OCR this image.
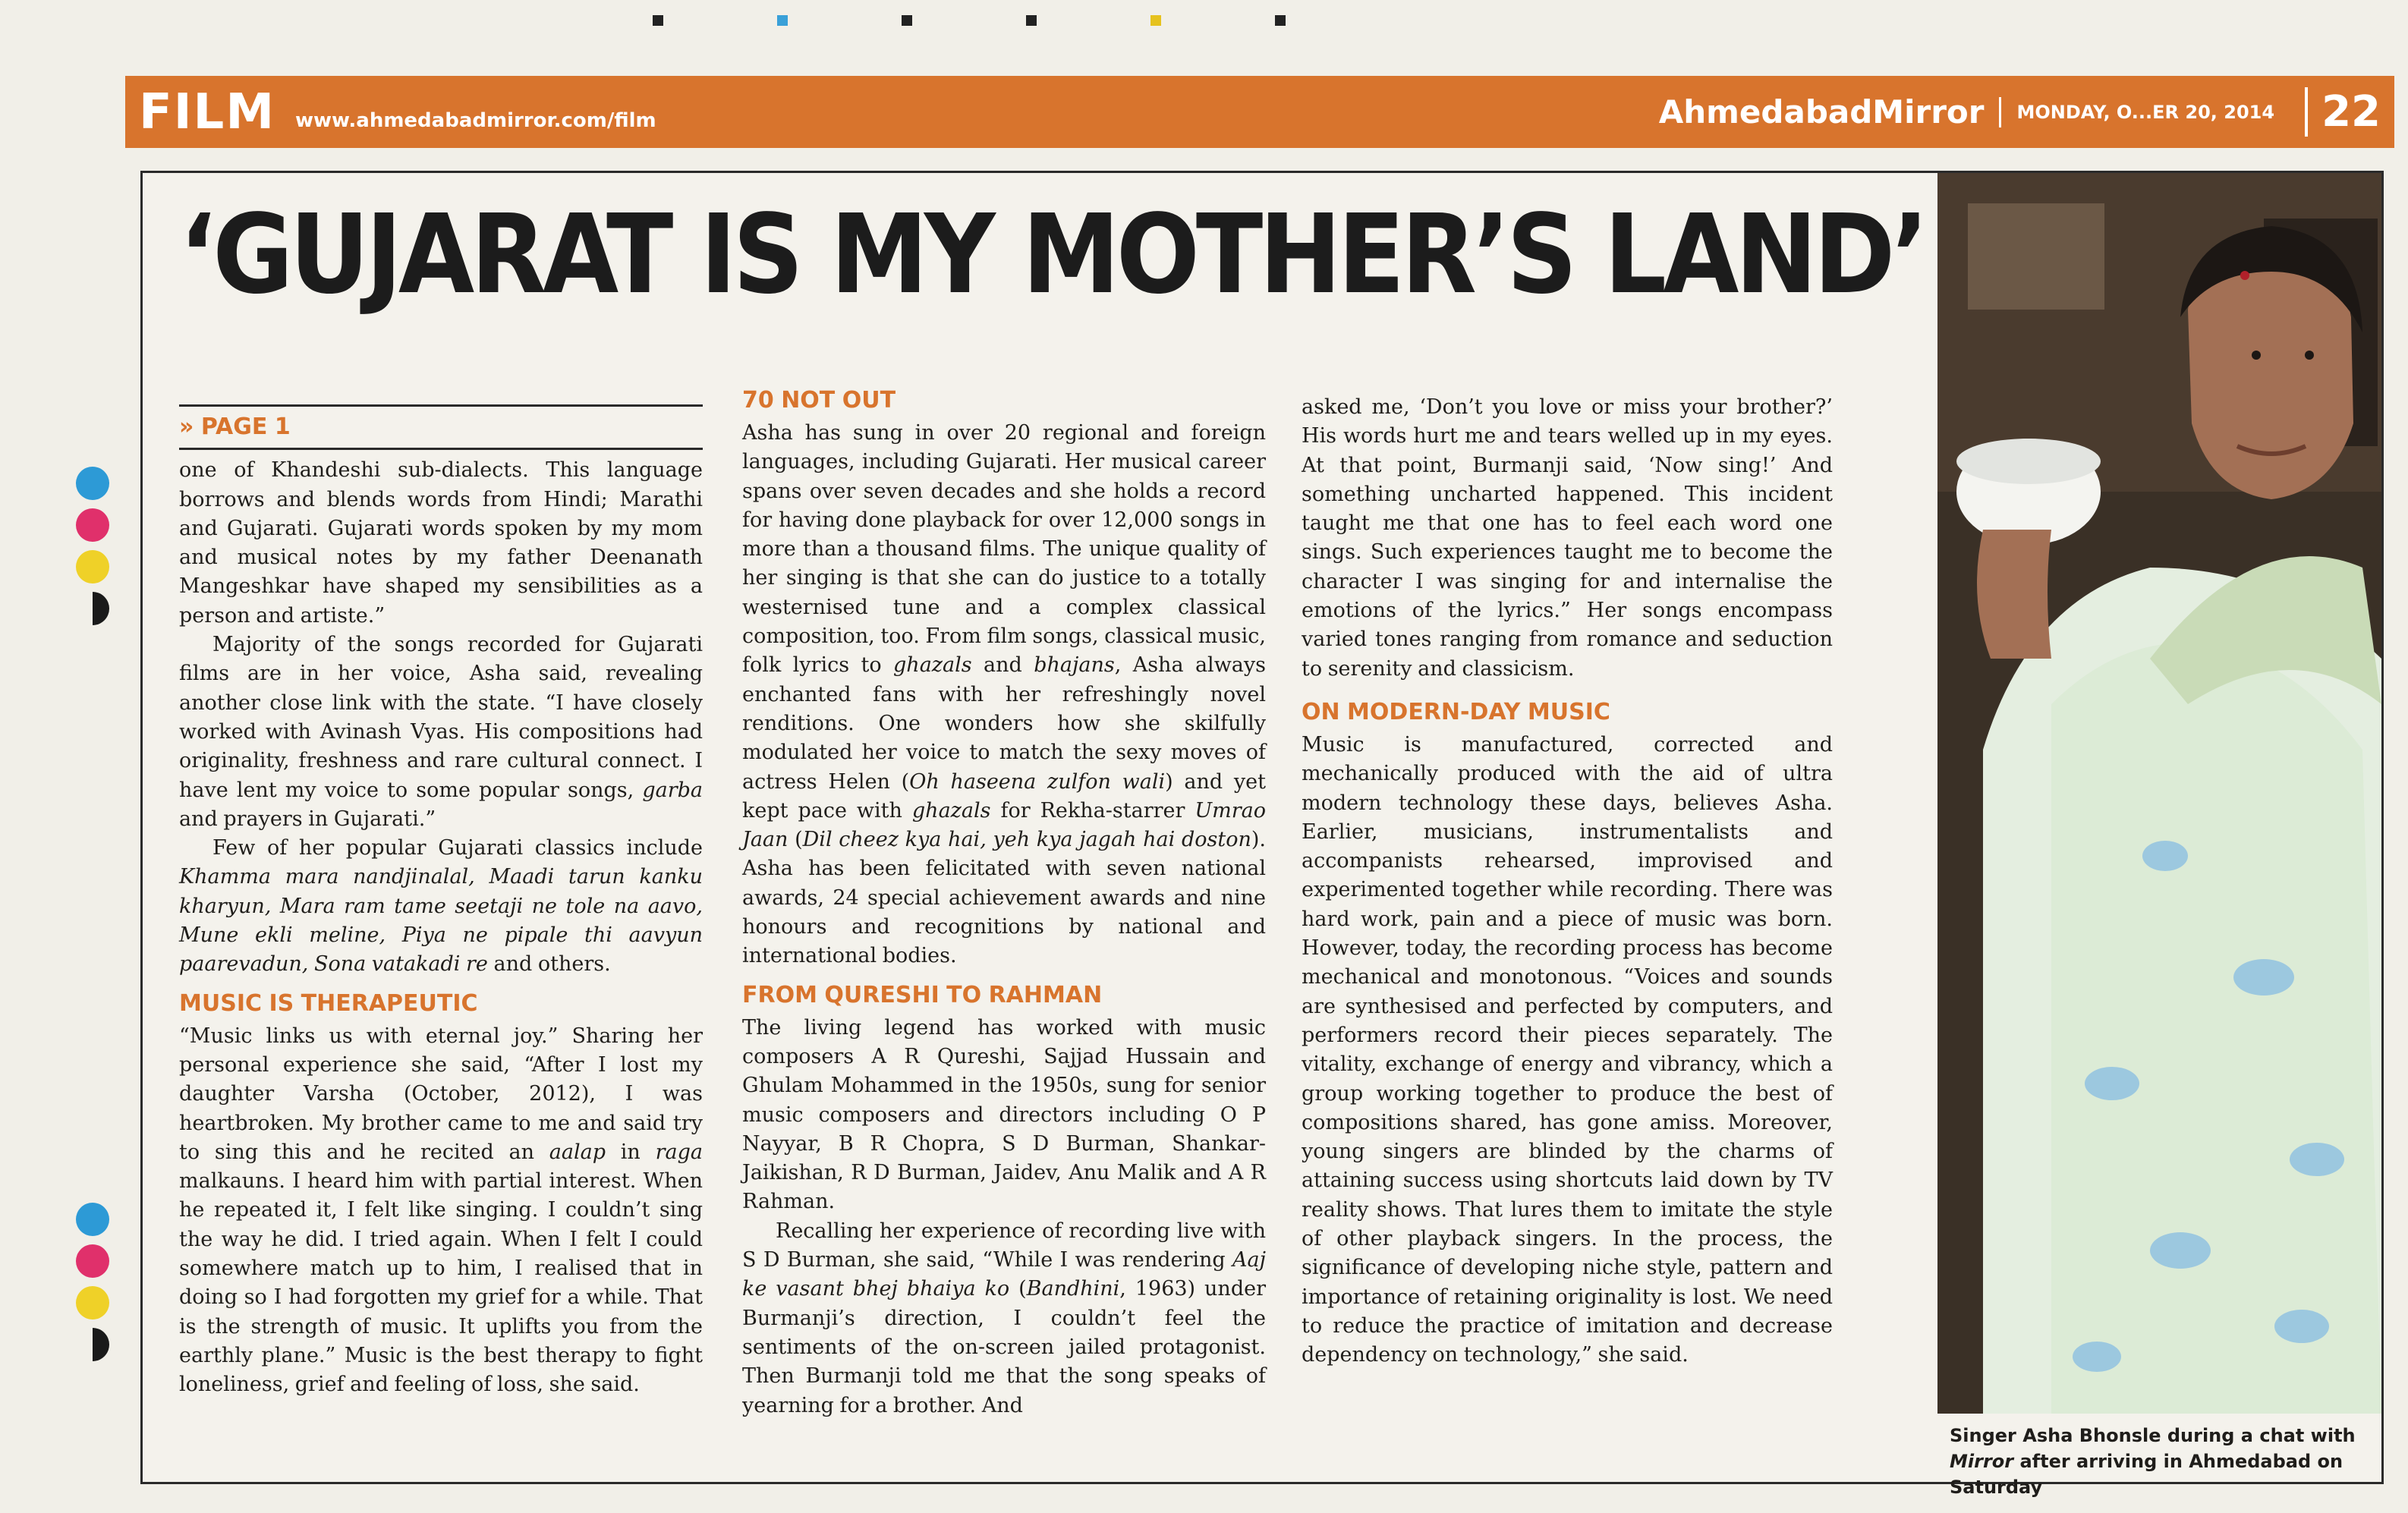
FILM www.ahmedabadmirror.com/film	AhmedabadMirror MONDAY, O...ER 20, 2014	22
‘GUJARAT IS MY MOTHER’S LAND’
» PAGE 1

one of Khandeshi sub-dialects. This language borrows and blends words from Hindi; Marathi and Gujarati. Gujarati words spoken by my mom and musical notes by my father Deenanath Mangeshkar have shaped my sensibilities as a person and artiste.”

Majority of the songs recorded for Gujarati films are in her voice, Asha said, revealing another close link with the state. “I have closely worked with Avinash Vyas. His compositions had originality, freshness and rare cultural connect. I have lent my voice to some popular songs, garba and prayers in Gujarati.”

Few of her popular Gujarati classics include Khamma mara nandjinalal, Maadi tarun kanku kharyun, Mara ram tame seetaji ne tole na aavo, Mune ekli meline, Piya ne pipale thi aavyun paarevadun, Sona vatakadi re and others.

MUSIC IS THERAPEUTIC

“Music links us with eternal joy.” Sharing her personal experience she said, “After I lost my daughter Varsha (October, 2012), I was heartbroken. My brother came to me and said try to sing this and he recited an aalap in raga malkauns. I heard him with partial interest. When he repeated it, I felt like singing. I couldn’t sing the way he did. I tried again. When I felt I could somewhere match up to him, I realised that in doing so I had forgotten my grief for a while. That is the strength of music. It uplifts you from the earthly plane.” Music is the best therapy to fight loneliness, grief and feeling of loss, she said.

70 NOT OUT

Asha has sung in over 20 regional and foreign languages, including Gujarati. Her musical career spans over seven decades and she holds a record for having done playback for over 12,000 songs in more than a thousand films. The unique quality of her singing is that she can do justice to a totally westernised tune and a complex classical composition, too. From film songs, classical music, folk lyrics to ghazals and bhajans, Asha always enchanted fans with her refreshingly novel renditions. One wonders how she skilfully modulated her voice to match the sexy moves of actress Helen (Oh haseena zulfon wali) and yet kept pace with ghazals for Rekha-starrer Umrao Jaan (Dil cheez kya hai, yeh kya jagah hai doston). Asha has been felicitated with seven national awards, 24 special achievement awards and nine honours and recognitions by national and international bodies.

FROM QURESHI TO RAHMAN

The living legend has worked with music composers A R Qureshi, Sajjad Hussain and Ghulam Mohammed in the 1950s, sung for senior music composers and directors including O P Nayyar, B R Chopra, S D Burman, Shankar-Jaikishan, R D Burman, Jaidev, Anu Malik and A R Rahman.

Recalling her experience of recording live with S D Burman, she said, “While I was rendering Aaj ke vasant bhej bhaiya ko (Bandhini, 1963) under Burmanji’s direction, I couldn’t feel the sentiments of the on-screen jailed protagonist. Then Burmanji told me that the song speaks of yearning for a brother. And

asked me, ‘Don’t you love or miss your brother?’ His words hurt me and tears welled up in my eyes. At that point, Burmanji said, ‘Now sing!’ And something uncharted happened. This incident taught me that one has to feel each word one sings. Such experiences taught me to become the character I was singing for and internalise the emotions of the lyrics.” Her songs encompass varied tones ranging from romance and seduction to serenity and classicism.

ON MODERN-DAY MUSIC

Music is manufactured, corrected and mechanically produced with the aid of ultra modern technology these days, believes Asha. Earlier, musicians, instrumentalists and accompanists rehearsed, improvised and experimented together while recording. There was hard work, pain and a piece of music was born. However, today, the recording process has become mechanical and monotonous. “Voices and sounds are synthesised and perfected by computers, and performers record their pieces separately. The vitality, exchange of energy and vibrancy, which a group working together to produce the best of compositions shared, has gone amiss. Moreover, young singers are blinded by the charms of attaining success using shortcuts laid down by TV reality shows. That lures them to imitate the style of other playback singers. In the process, the significance of developing niche style, pattern and importance of retaining originality is lost. We need to reduce the practice of imitation and decrease dependency on technology,” she said.

Singer Asha Bhonsle during a chat with Mirror after arriving in Ahmedabad on Saturday
